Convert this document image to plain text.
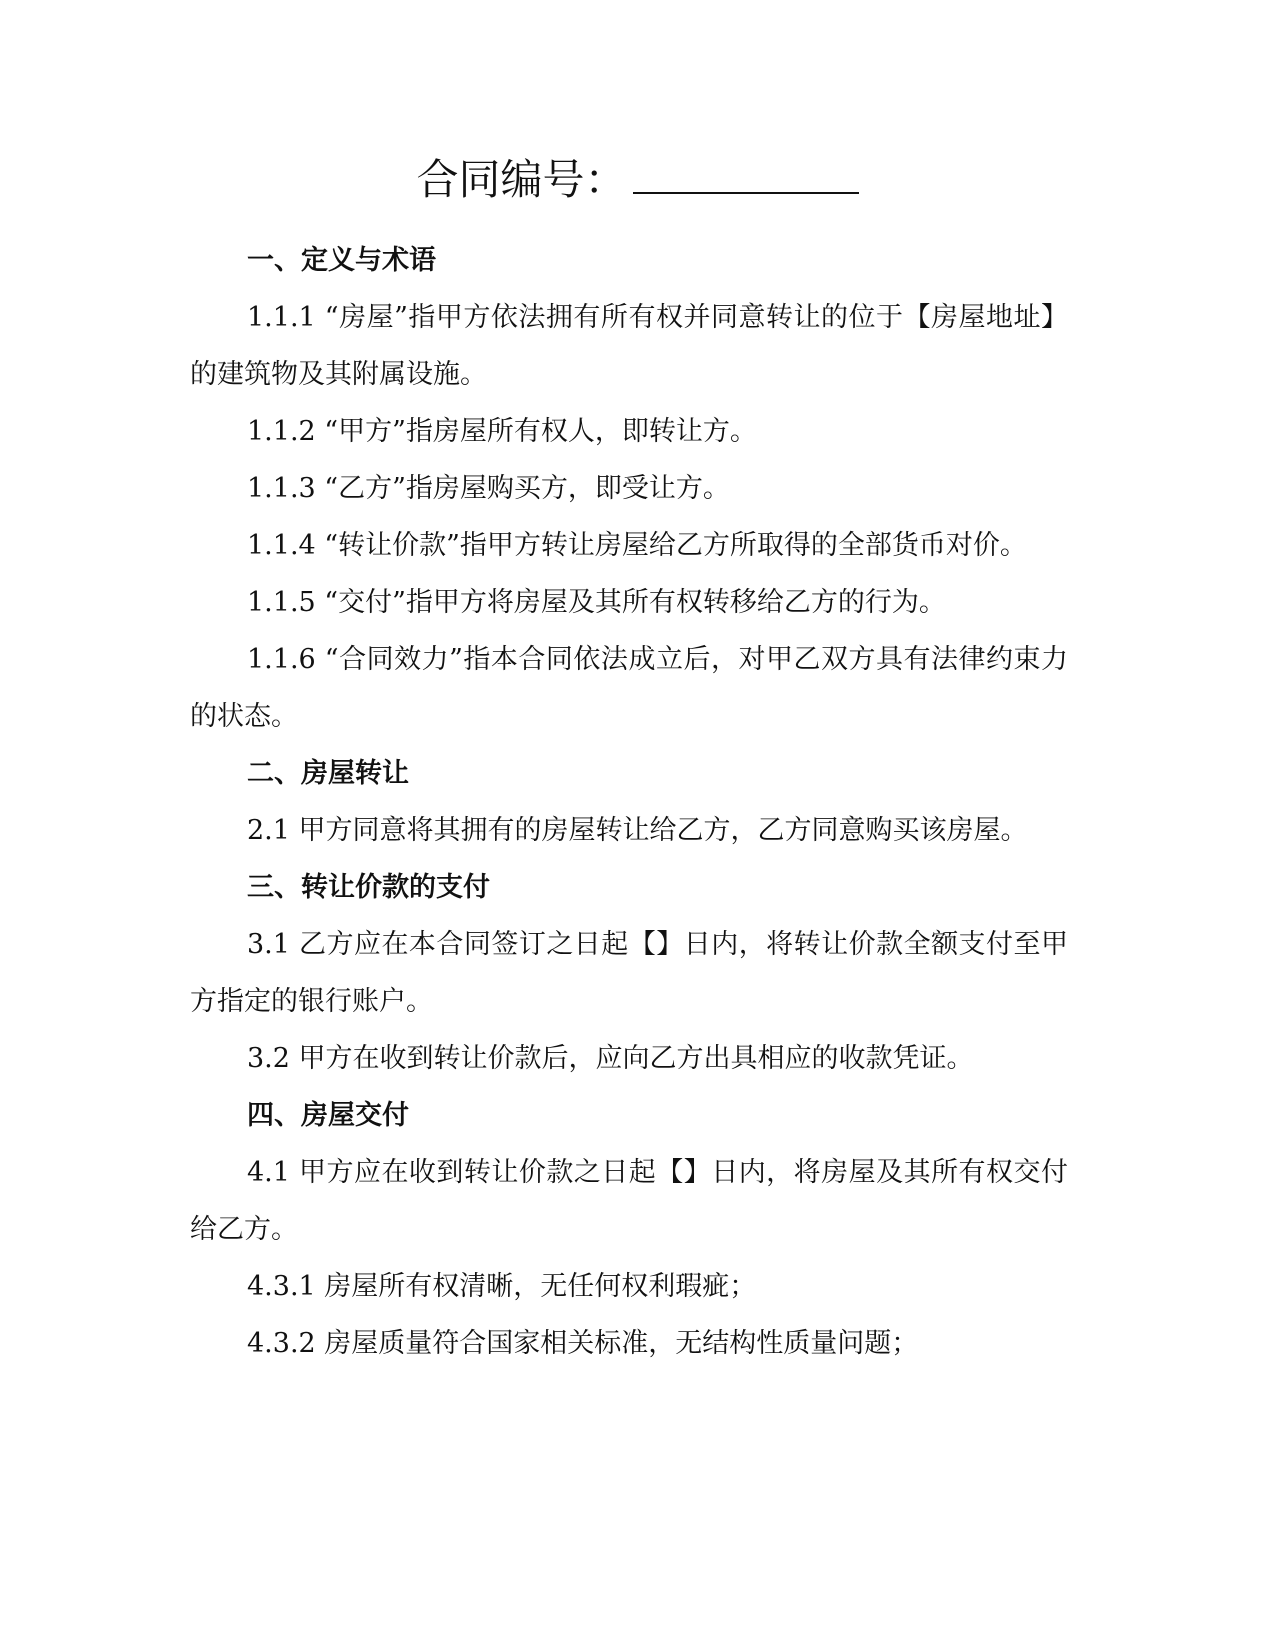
合同编号：

一、定义与术语

1.1.1 “房屋”指甲方依法拥有所有权并同意转让的位于【房屋地址】的建筑物及其附属设施。

1.1.2 “甲方”指房屋所有权人，即转让方。

1.1.3 “乙方”指房屋购买方，即受让方。

1.1.4 “转让价款”指甲方转让房屋给乙方所取得的全部货币对价。

1.1.5 “交付”指甲方将房屋及其所有权转移给乙方的行为。

1.1.6 “合同效力”指本合同依法成立后，对甲乙双方具有法律约束力的状态。

二、房屋转让

2.1 甲方同意将其拥有的房屋转让给乙方，乙方同意购买该房屋。

三、转让价款的支付

3.1 乙方应在本合同签订之日起【】日内，将转让价款全额支付至甲方指定的银行账户。

3.2 甲方在收到转让价款后，应向乙方出具相应的收款凭证。

四、房屋交付

4.1 甲方应在收到转让价款之日起【】日内，将房屋及其所有权交付给乙方。

4.3.1 房屋所有权清晰，无任何权利瑕疵；

4.3.2 房屋质量符合国家相关标准，无结构性质量问题；
